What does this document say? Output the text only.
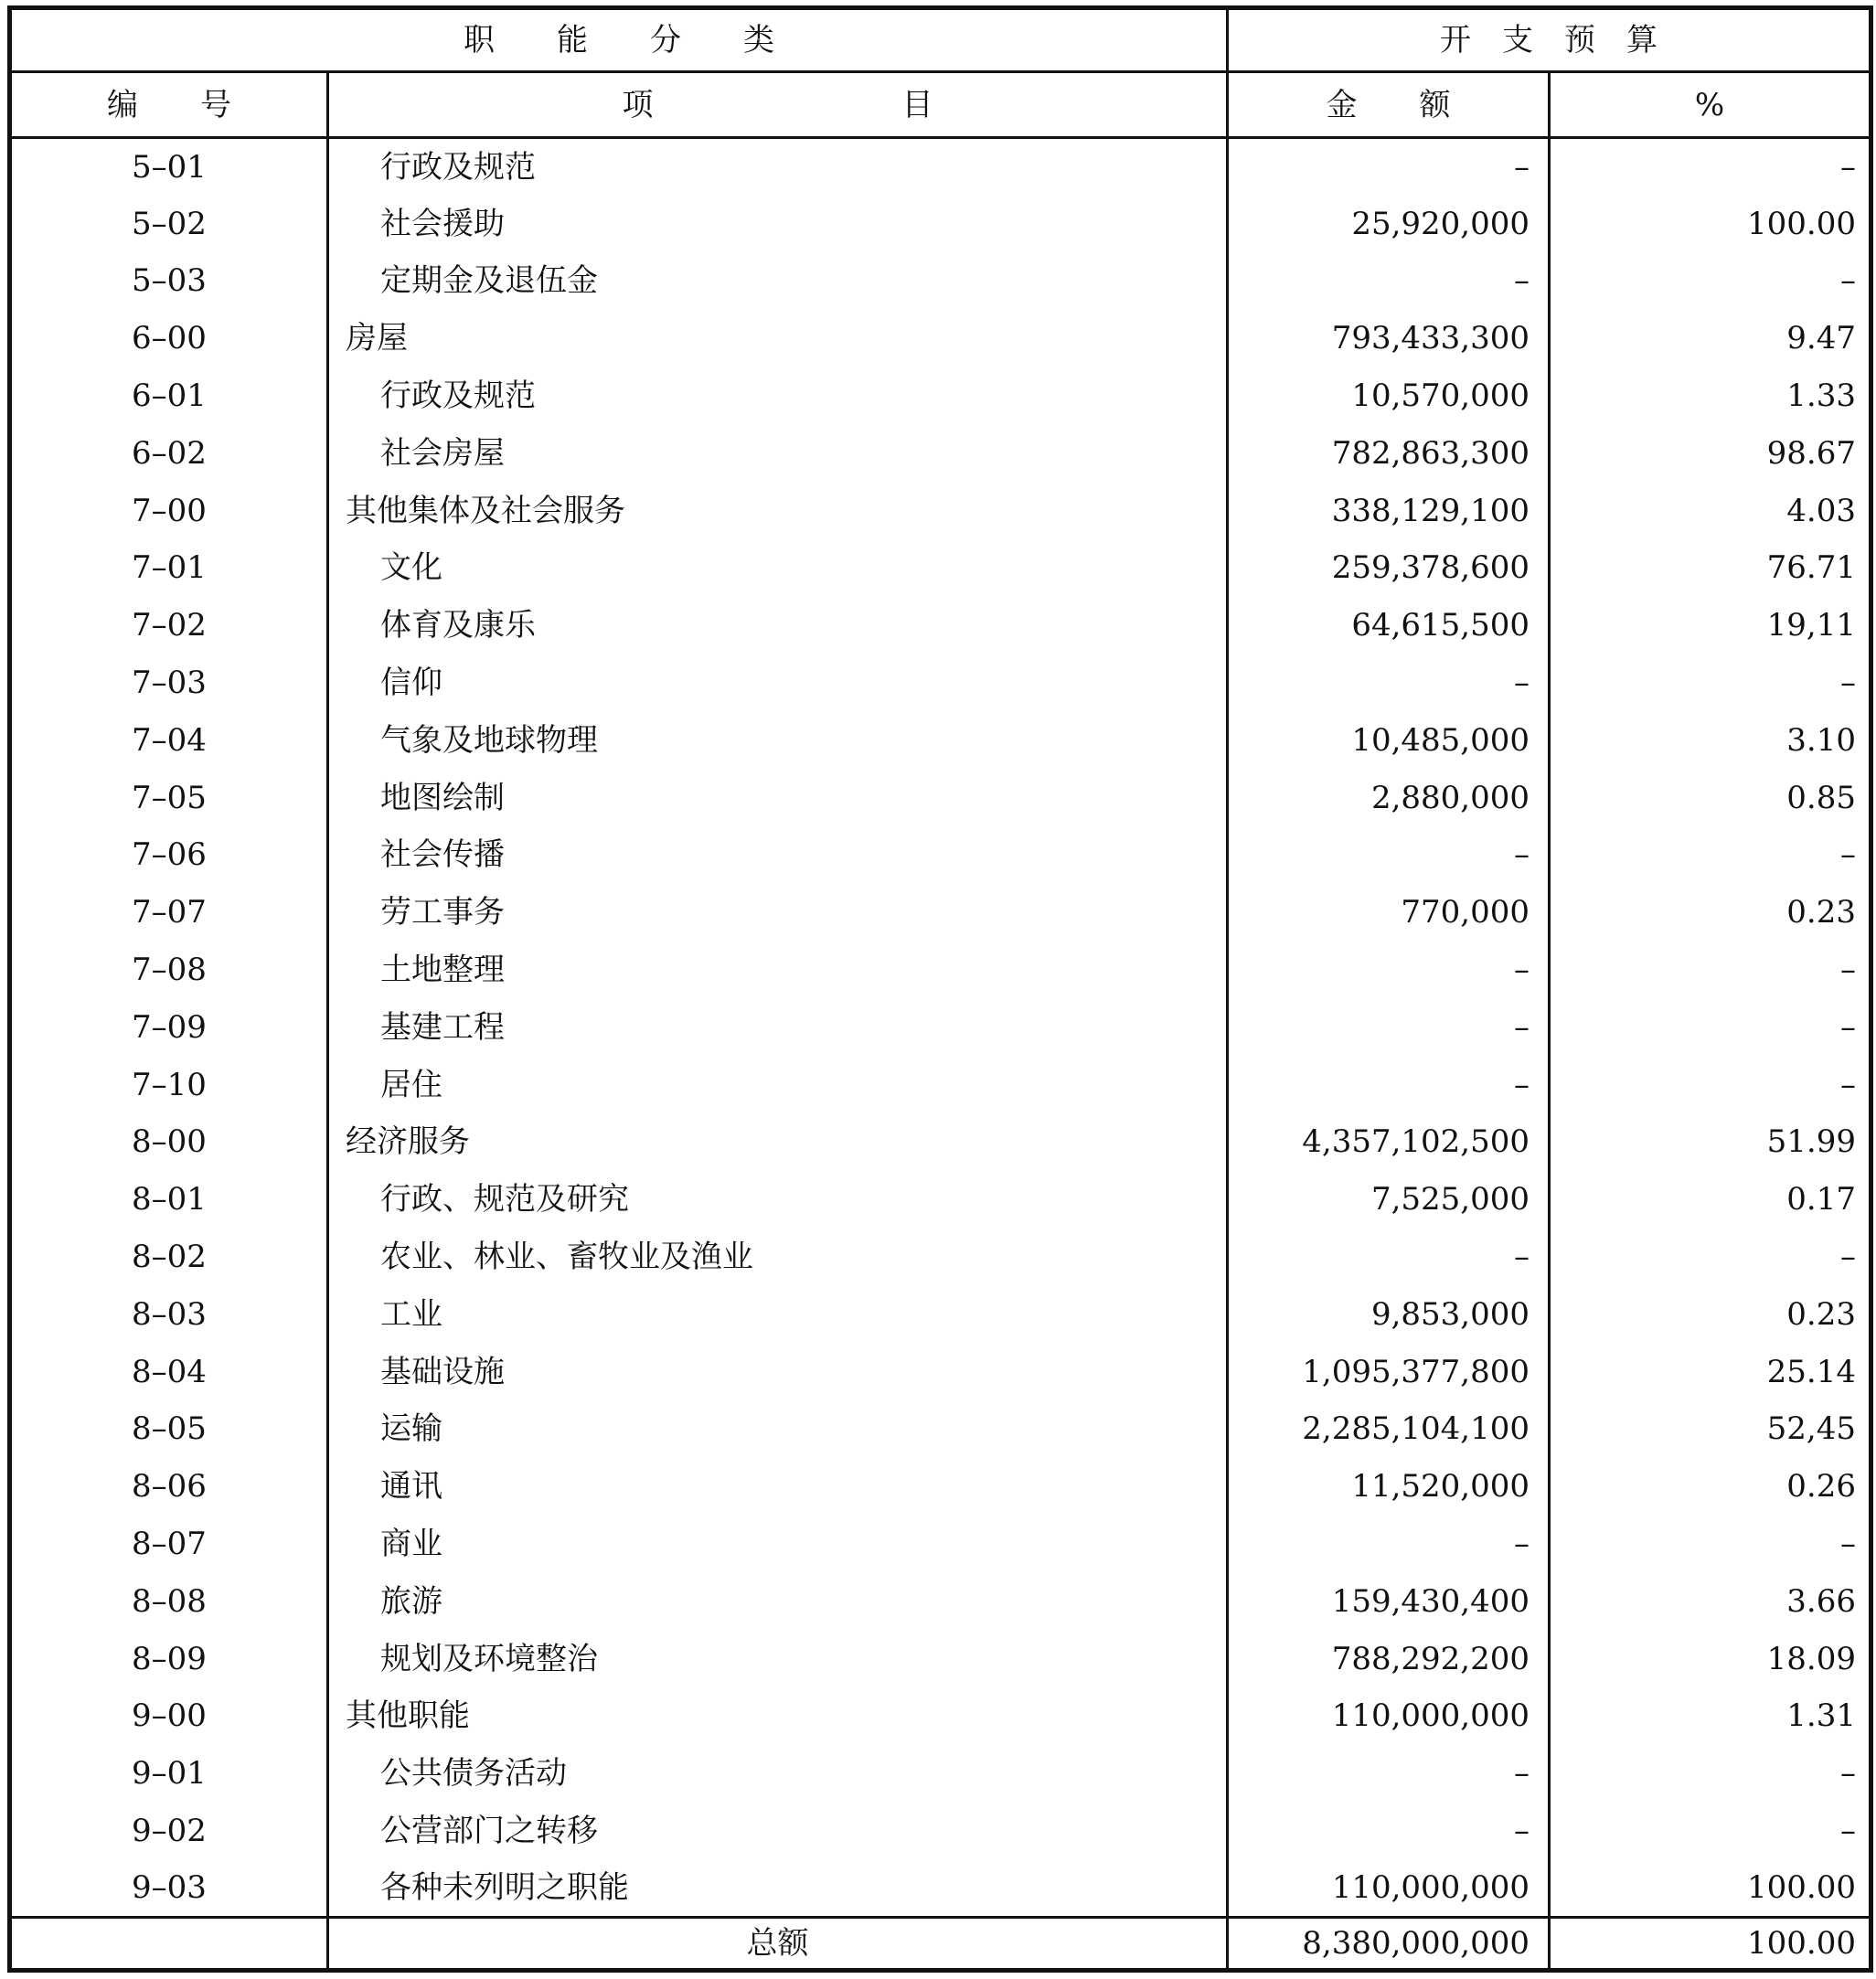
职　　能　　分　　类		开　支　预　算	
编　　号	项　　　　　　　　目	金　　额	%
5–01	行政及规范	–	–
5–02	社会援助	25,920,000	100.00
5–03	定期金及退伍金	–	–
6–00	房屋	793,433,300	9.47
6–01	行政及规范	10,570,000	1.33
6–02	社会房屋	782,863,300	98.67
7–00	其他集体及社会服务	338,129,100	4.03
7–01	文化	259,378,600	76.71
7–02	体育及康乐	64,615,500	19,11
7–03	信仰	–	–
7–04	气象及地球物理	10,485,000	3.10
7–05	地图绘制	2,880,000	0.85
7–06	社会传播	–	–
7–07	劳工事务	770,000	0.23
7–08	土地整理	–	–
7–09	基建工程	–	–
7–10	居住	–	–
8–00	经济服务	4,357,102,500	51.99
8–01	行政、规范及研究	7,525,000	0.17
8–02	农业、林业、畜牧业及渔业	–	–
8–03	工业	9,853,000	0.23
8–04	基础设施	1,095,377,800	25.14
8–05	运输	2,285,104,100	52,45
8–06	通讯	11,520,000	0.26
8–07	商业	–	–
8–08	旅游	159,430,400	3.66
8–09	规划及环境整治	788,292,200	18.09
9–00	其他职能	110,000,000	1.31
9–01	公共债务活动	–	–
9–02	公营部门之转移	–	–
9–03	各种未列明之职能	110,000,000	100.00
	总额	8,380,000,000	100.00
